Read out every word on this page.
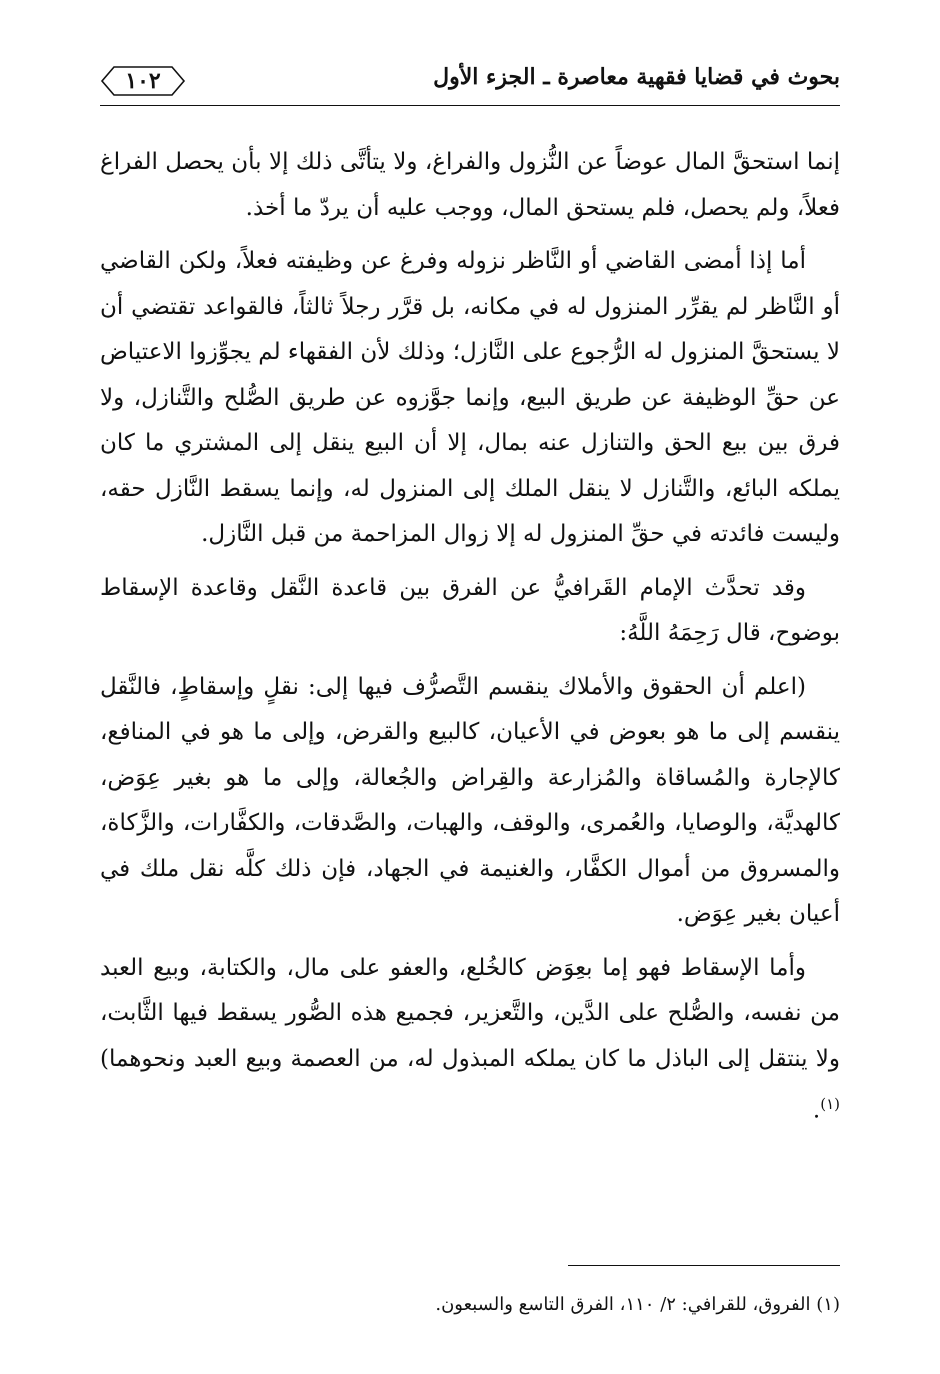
١٠٢	بحوث في قضايا فقهية معاصرة ـ الجزء الأول

إنما استحقَّ المال عوضاً عن النُّزول والفراغ، ولا يتأتَّى ذلك إلا بأن يحصل الفراغ فعلاً، ولم يحصل، فلم يستحق المال، ووجب عليه أن يردّ ما أخذ.

أما إذا أمضى القاضي أو النَّاظر نزوله وفرغ عن وظيفته فعلاً، ولكن القاضي أو النَّاظر لم يقرِّر المنزول له في مكانه، بل قرَّر رجلاً ثالثاً، فالقواعد تقتضي أن لا يستحقَّ المنزول له الرُّجوع على النَّازل؛ وذلك لأن الفقهاء لم يجوِّزوا الاعتياض عن حقِّ الوظيفة عن طريق البيع، وإنما جوَّزوه عن طريق الصُّلح والتَّنازل، ولا فرق بين بيع الحق والتنازل عنه بمال، إلا أن البيع ينقل إلى المشتري ما كان يملكه البائع، والتَّنازل لا ينقل الملك إلى المنزول له، وإنما يسقط النَّازل حقه، وليست فائدته في حقِّ المنزول له إلا زوال المزاحمة من قبل النَّازل.

وقد تحدَّث الإمام القَرافيُّ عن الفرق بين قاعدة النَّقل وقاعدة الإسقاط بوضوح، قال رَحِمَهُ اللَّهُ:

(اعلم أن الحقوق والأملاك ينقسم التَّصرُّف فيها إلى: نقلٍ وإسقاطٍ، فالنَّقل ينقسم إلى ما هو بعوض في الأعيان، كالبيع والقرض، وإلى ما هو في المنافع، كالإجارة والمُساقاة والمُزارعة والقِراض والجُعالة، وإلى ما هو بغير عِوَض، كالهديَّة، والوصايا، والعُمرى، والوقف، والهبات، والصَّدقات، والكفَّارات، والزَّكاة، والمسروق من أموال الكفَّار، والغنيمة في الجهاد، فإن ذلك كلَّه نقل ملك في أعيان بغير عِوَض.

وأما الإسقاط فهو إما بعِوَض كالخُلع، والعفو على مال، والكتابة، وبيع العبد من نفسه، والصُّلح على الدَّين، والتَّعزير، فجميع هذه الصُّور يسقط فيها الثَّابت، ولا ينتقل إلى الباذل ما كان يملكه المبذول له، من العصمة وبيع العبد ونحوهما)$^{(١)}$.

(١) الفروق، للقرافي: ٢/ ١١٠، الفرق التاسع والسبعون.
